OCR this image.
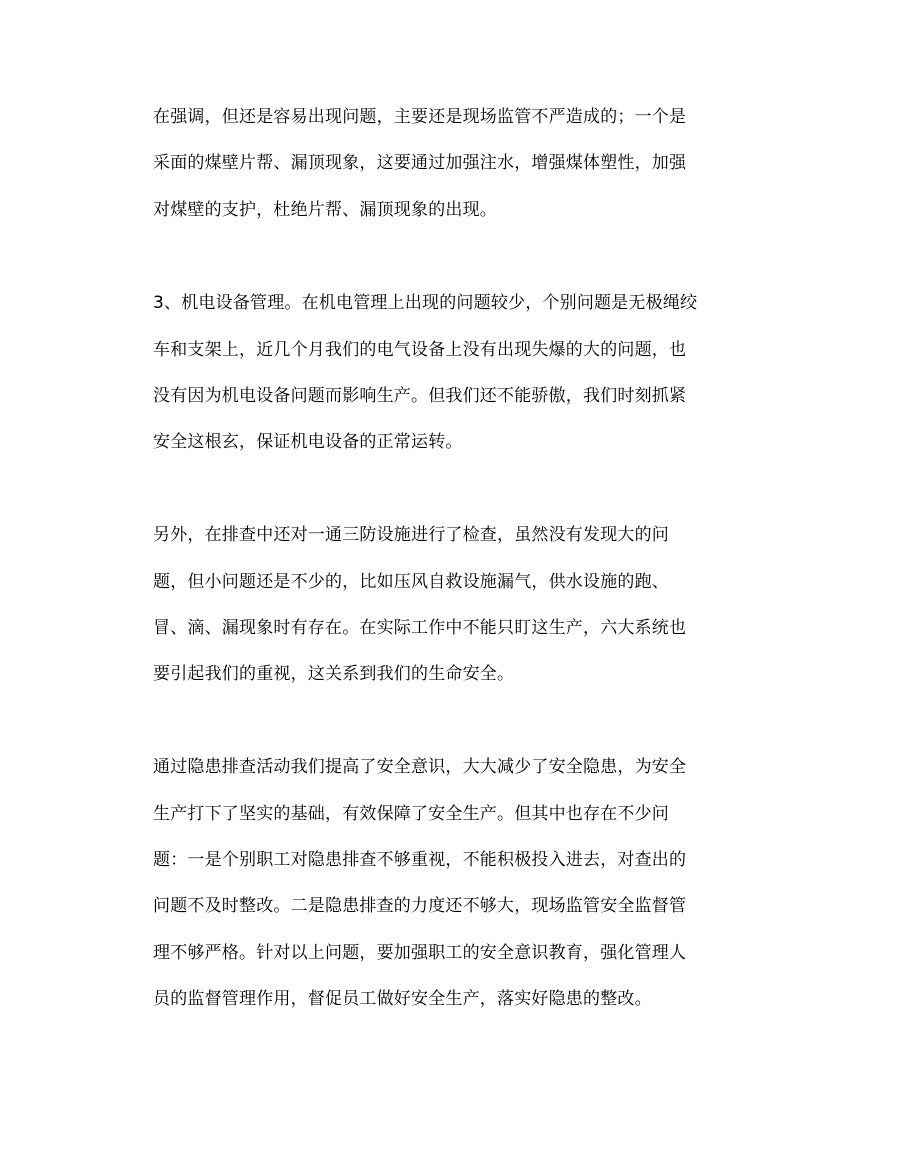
在强调，但还是容易出现问题，主要还是现场监管不严造成的；一个是
采面的煤壁片帮、漏顶现象，这要通过加强注水，增强煤体塑性，加强
对煤壁的支护，杜绝片帮、漏顶现象的出现。
3、机电设备管理。在机电管理上出现的问题较少，个别问题是无极绳绞
车和支架上，近几个月我们的电气设备上没有出现失爆的大的问题，也
没有因为机电设备问题而影响生产。但我们还不能骄傲，我们时刻抓紧
安全这根玄，保证机电设备的正常运转。
另外，在排查中还对一通三防设施进行了检查，虽然没有发现大的问
题，但小问题还是不少的，比如压风自救设施漏气，供水设施的跑、
冒、滴、漏现象时有存在。在实际工作中不能只盯这生产，六大系统也
要引起我们的重视，这关系到我们的生命安全。
通过隐患排查活动我们提高了安全意识，大大减少了安全隐患，为安全
生产打下了坚实的基础，有效保障了安全生产。但其中也存在不少问
题：一是个别职工对隐患排查不够重视，不能积极投入进去，对查出的
问题不及时整改。二是隐患排查的力度还不够大，现场监管安全监督管
理不够严格。针对以上问题，要加强职工的安全意识教育，强化管理人
员的监督管理作用，督促员工做好安全生产，落实好隐患的整改。
